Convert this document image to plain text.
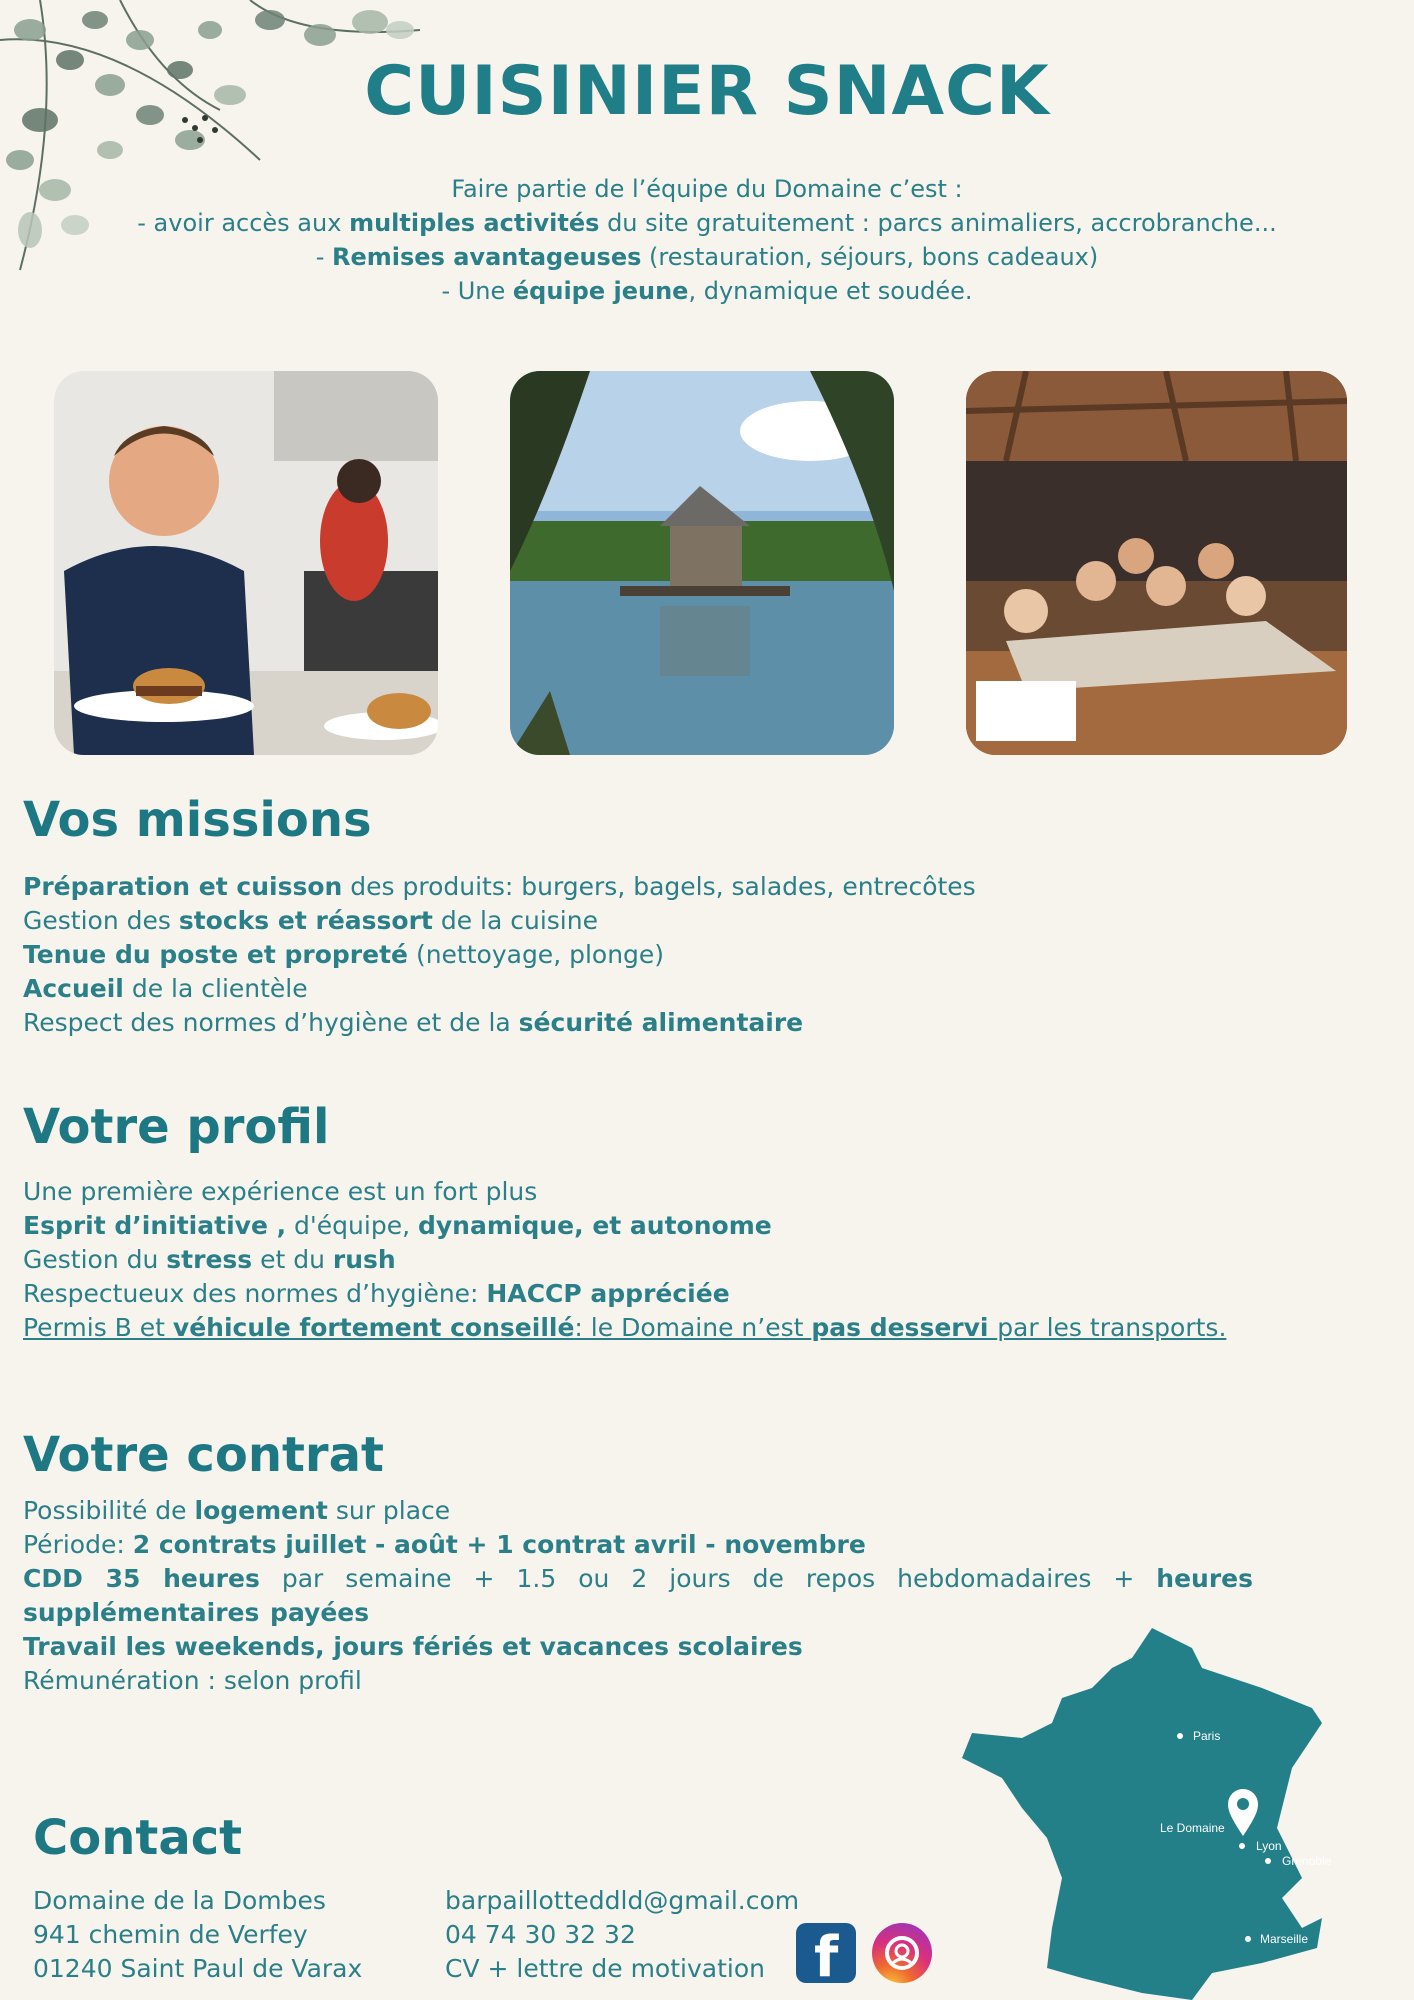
CUISINIER SNACK
Faire partie de l’équipe du Domaine c’est :
- avoir accès aux multiples activités du site gratuitement : parcs animaliers, accrobranche...
- Remises avantageuses (restauration, séjours, bons cadeaux)
- Une équipe jeune, dynamique et soudée.
Vos missions
Préparation et cuisson des produits: burgers, bagels, salades, entrecôtes
Gestion des stocks et réassort de la cuisine
Tenue du poste et propreté (nettoyage, plonge)
Accueil de la clientèle
Respect des normes d’hygiène et de la sécurité alimentaire
Votre profil
Une première expérience est un fort plus
Esprit d’initiative , d'équipe, dynamique, et autonome
Gestion du stress et du rush
Respectueux des normes d’hygiène: HACCP appréciée
Permis B et véhicule fortement conseillé: le Domaine n’est pas desservi par les transports.
Votre contrat
Possibilité de logement sur place
Période: 2 contrats juillet - août + 1 contrat avril - novembre
CDD 35 heures par semaine + 1.5 ou 2 jours de repos hebdomadaires + heures supplémentaires payées
Travail les weekends, jours fériés et vacances scolaires
Rémunération : selon profil
Paris
Le Domaine
Lyon
Grenoble
Marseille
Contact
Domaine de la Dombes
941 chemin de Verfey
01240 Saint Paul de Varax
barpaillotteddld@gmail.com
04 74 30 32 32
CV + lettre de motivation f
